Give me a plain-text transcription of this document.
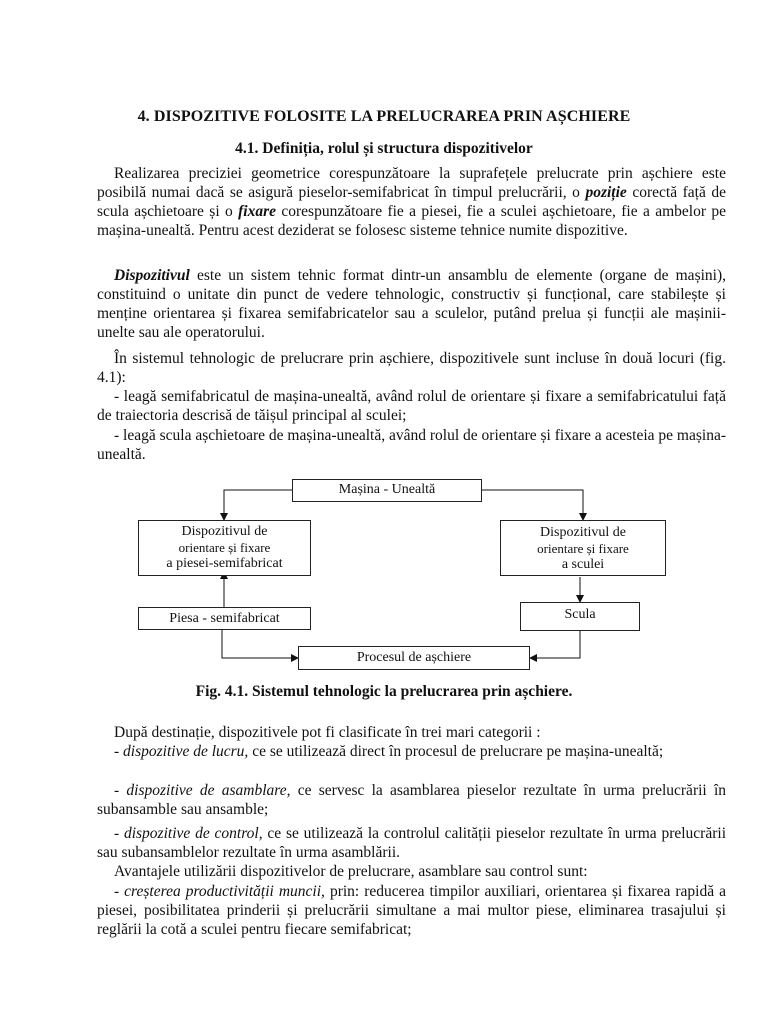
4. DISPOZITIVE FOLOSITE LA PRELUCRAREA PRIN AȘCHIERE
4.1. Definiția, rolul și structura dispozitivelor

Realizarea preciziei geometrice corespunzătoare la suprafețele prelucrate prin așchiere este posibilă numai dacă se asigură pieselor-semifabricat în timpul prelucrării, o poziție corectă față de scula așchietoare și o fixare corespunzătoare fie a piesei, fie a sculei așchietoare, fie a ambelor pe mașina-unealtă. Pentru acest deziderat se folosesc sisteme tehnice numite dispozitive.

Dispozitivul este un sistem tehnic format dintr-un ansamblu de elemente (organe de mașini), constituind o unitate din punct de vedere tehnologic, constructiv și funcțional, care stabilește și menține orientarea și fixarea semifabricatelor sau a sculelor, putând prelua și funcții ale mașinii-unelte sau ale operatorului.

În sistemul tehnologic de prelucrare prin așchiere, dispozitivele sunt incluse în două locuri (fig. 4.1):

- leagă semifabricatul de mașina-unealtă, având rolul de orientare și fixare a semifabricatului față de traiectoria descrisă de tăișul principal al sculei;

- leagă scula așchietoare de mașina-unealtă, având rolul de orientare și fixare a acesteia pe mașina-unealtă.

Mașina - Unealtă
Dispozitivul de
orientare și fixare
a piesei-semifabricat
Dispozitivul de
orientare și fixare
a sculei
Piesa - semifabricat	Scula
Procesul de așchiere

Fig. 4.1. Sistemul tehnologic la prelucrarea prin așchiere.

După destinație, dispozitivele pot fi clasificate în trei mari categorii :

- dispozitive de lucru, ce se utilizează direct în procesul de prelucrare pe mașina-unealtă;

- dispozitive de asamblare, ce servesc la asamblarea pieselor rezultate în urma prelucrării în subansamble sau ansamble;

- dispozitive de control, ce se utilizează la controlul calității pieselor rezultate în urma prelucrării sau subansamblelor rezultate în urma asamblării.

Avantajele utilizării dispozitivelor de prelucrare, asamblare sau control sunt:

- creșterea productivității muncii, prin: reducerea timpilor auxiliari, orientarea și fixarea rapidă a piesei, posibilitatea prinderii și prelucrării simultane a mai multor piese, eliminarea trasajului și reglării la cotă a sculei pentru fiecare semifabricat;
